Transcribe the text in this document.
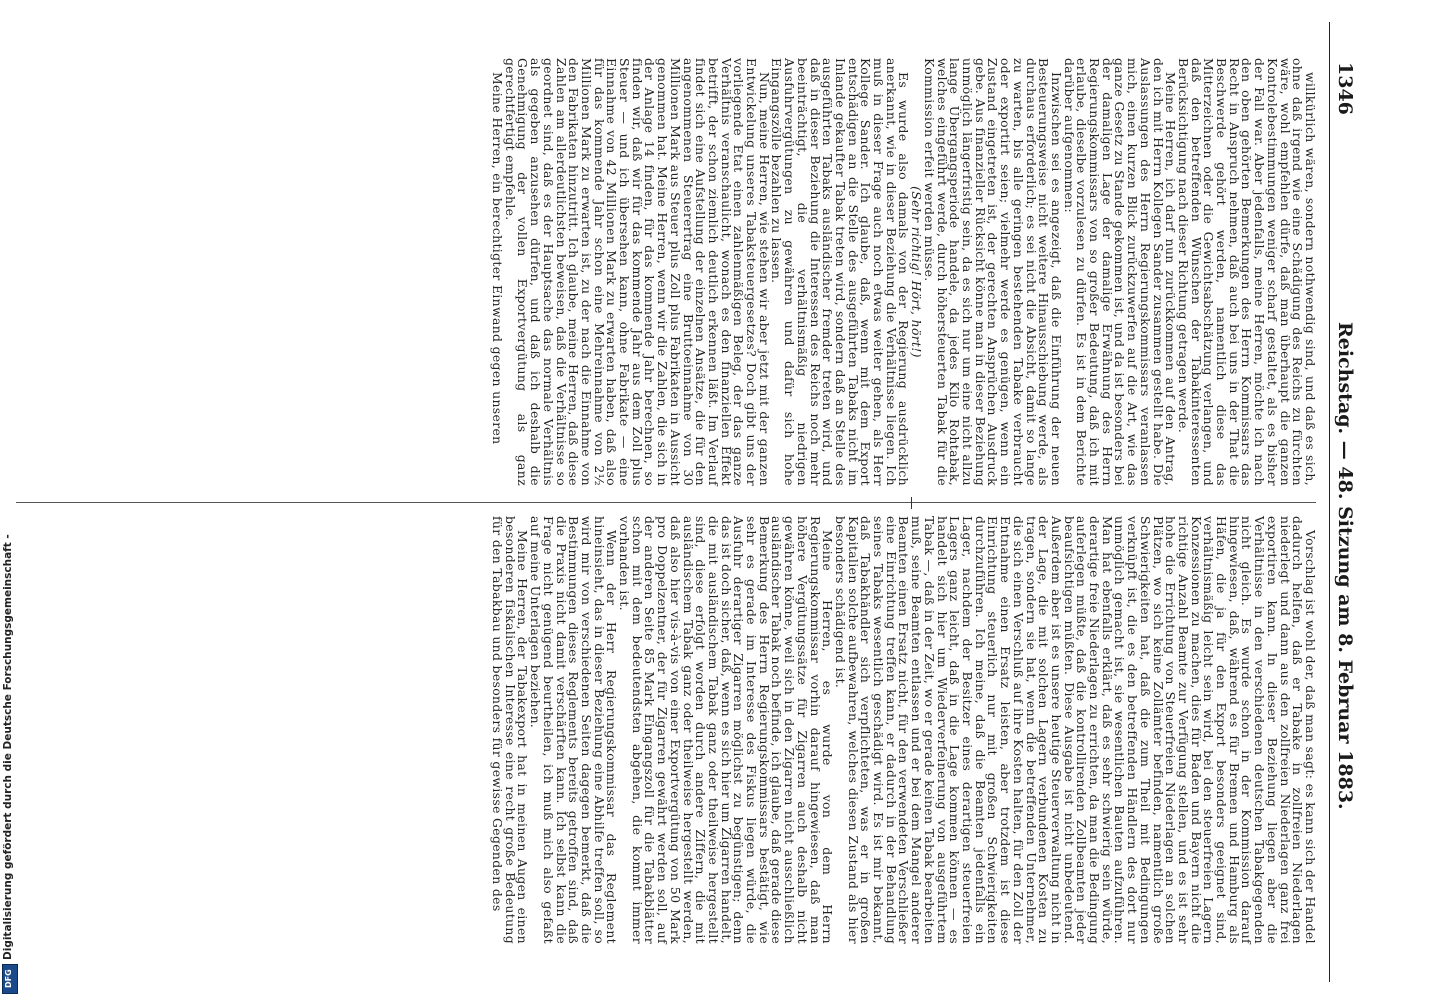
1346
Reichstag. — 48. Sitzung am 8. Februar 1883.

willkürlich wären, sondern nothwendig sind, und daß es sich, ohne daß irgend wie eine Schädigung des Reichs zu fürchten wäre, wohl empfehlen dürfe, daß man überhaupt die ganzen Kontrolebestimmungen weniger scharf gestaltet, als es bisher der Fall war. Aber jedenfalls, meine Herren, möchte ich nach den oben gehörten Bemerkungen des Herrn Kommissars das Recht in Anspruch nehmen, daß auch bei uns in der That die Beschwerde gehört werden, namentlich diese das Mitterzeichnen oder die Gewichtsabschätzung verlangen, und daß den betreffenden Wünschen der Tabakinteressenten Berücksichtigung nach dieser Richtung getragen werde.

Meine Herren, ich darf nun zurückkommen auf den Antrag, den ich mit Herrn Kollegen Sander zusammen gestellt habe. Die Auslassungen des Herrn Regierungskommissars veranlassen mich, einen kurzen Blick zurückzuwerfen auf die Art, wie das ganze Gesetz zu Stande gekommen ist, und da ist besonders bei der damaligen Lage der damalige Erwähnung des Herrn Regierungskommissars von so großer Bedeutung, daß ich mit erlaube, dieselbe vorzulesen zu dürfen. Es ist in dem Berichte darüber aufgenommen:

Inzwischen sei es angezeigt, daß die Einführung der neuen Besteuerungsweise nicht weitere Hinausschiebung werde, als durchaus erforderlich; es sei nicht die Absicht, damit so lange zu warten, bis alle geringen bestehenden Tabake verbraucht oder exportirt seien; vielmehr werde es genügen, wenn ein Zustand eingetreten ist, der gerechten Ansprüchen Ausdruck gebe. Aus finanzieller Rücksicht könne man in dieser Beziehung unmöglich längerfristig sein, da es sich nur um eine nicht allzu lange Übergangsperiode handele, da jedes Kilo Rohtabak, welches eingeführt werde, durch höhersteuerten Tabak für die Kommission erfeit werden müsse.

(Sehr richtig! Hört, hört!)

Es wurde also damals von der Regierung ausdrücklich anerkannt, wie in dieser Beziehung die Verhältnisse liegen. Ich muß in dieser Frage auch noch etwas weiter gehen, als Herr Kollege Sander. Ich glaube, daß, wenn mit dem Export entschädigen an die Stelle des ausgeführten Tabaks nicht im Inlande gekaufter Tabak treten wird, sondern daß an Stelle des ausgeführten Tabaks ausländischer fremder treten wird, und daß in dieser Beziehung die Interessen des Reichs noch mehr beeinträchtigt, die verhältnismäßig niedrigen Ausfuhrvergütungen zu gewähren und dafür sich hohe Eingangszölle bezahlen zu lassen.

Nun, meine Herren, wie stehen wir aber jetzt mit der ganzen Entwickelung unseres Tabaksteuergesetzes? Doch gibt uns der vorliegende Etat einen zahlenmäßigen Beleg, der das ganze Verhältnis veranschaulicht, wonach es den finanziellen Effekt betrifft, der schon ziemlich deutlich erkennen läßt. Im Verlauf findet sich eine Aufstellung der einzelnen Ansätze, die für den angenommenen Steuerertrag eine Bruttoeinnahme von 30 Millionen Mark aus Steuer plus Zoll plus Fabrikaten in Aussicht genommen hat. Meine Herren, wenn wir die Zahlen, die sich in der Anlage 14 finden, für das kommende Jahr berechnen, so finden wir, daß wir für das kommende Jahr aus dem Zoll plus Steuer — und ich übersehen kann, ohne Fabrikate — eine Einnahme von 42 Millionen Mark zu erwarten haben, daß also für das kommende Jahr schon eine Mehreinnahme von 2½ Millionen Mark zu erwarten ist, zu der nach die Einnahme von den Fabrikaten hinzutritt. Ich glaube, meine Herren, daß diese Zahlen am allerdeutlichsten beweisen, daß die Verhältnisse so geordnet sind, daß es der Hauptsache das normale Verhältnis als gegeben anzusehen dürfen, und daß ich deshalb die Genehmigung der vollen Exportvergütung als ganz gerechtfertigt empfehle.

Meine Herren, ein berechtigter Einwand gegen unseren

Vorschlag ist wohl der, daß man sagt: es kann sich der Handel dadurch helfen, daß er Tabake in zollfreien Niederlagen niederlegt und dann aus den zollfreien Niederlagen ganz frei exportiren kann. In dieser Beziehung liegen aber die Verhältnisse in den verschiedenen deutschen Tabakgegenden nicht gleich. Es wurde schon in der Kommission darauf hingewiesen, daß, während es für Bremen und Hamburg als Häfen, die ja für den Export besonders geeignet sind, verhältnismäßig leicht sein wird, bei den steuerfreien Lagern Konzessionen zu machen, dies für Baden und Bayern nicht die richtige Anzahl Beamte zur Verfügung stellen, und es ist sehr hohe die Errichtung von Steuerfreien Niederlagen an solchen Plätzen, wo sich keine Zollämter befinden, namentlich große Schwierigkeiten hat, daß die zum Theil mit Bedingungen verknüpft ist, die es den betreffenden Händlern des dort nur unmöglich gemacht ist, sie wesentlichen Bauten aufzuführen. Man hat ebenfalls erklärt, daß es sehr schwierig sein würde, derartige freie Niederlagen zu errichten, da man die Bedingung auferlegen müßte, daß die kontrollirenden Zollbeamten jeder beaufsichtigen müßten. Diese Ausgabe ist nicht unbedeutend. Außerdem aber ist es unsere heutige Steuerverwaltung nicht in der Lage, die mit solchen Lagern verbundenen Kosten zu tragen, sondern sie hat, wenn die betreffenden Unternehmer, die sich einen Verschluß auf ihre Kosten halten, für den Zoll der Entnahme einen Ersatz leisten, aber trotzdem ist diese Einrichtung steuerlich nur mit großen Schwierigkeiten durchzuführen. Ich meine, daß die Beamten jedenfalls ein Lager, nachdem der Besitzer eines derartigen steuerfreien Lagers ganz leicht, daß in die Lage kommen können — es handelt sich hier um Wiederverfeinerung von ausgeführtem Tabak —, daß in der Zeit, wo er gerade keinen Tabak bearbeiten muß, seine Beamten entlassen und er bei dem Mangel anderer Beamten einen Ersatz nicht, für den verwendeten Verschließer eine Einrichtung treffen kann, er dadurch in der Behandlung seines Tabaks wesentlich geschädigt wird. Es ist mir bekannt, daß Tabakhändler sich verpflichteten, was er in großen Kapitalien solche aufbewahren, welches diesen Zustand als hier besonders schädigend ist.

Meine Herren, es wurde von dem Herrn Regierungskommissar vorhin darauf hingewiesen, daß man höhere Vergütungssätze für Zigarren auch deshalb nicht gewähren könne, weil sich in den Zigarren nicht ausschließlich ausländischer Tabak noch befinde, ich glaube, daß gerade diese Bemerkung des Herrn Regierungskommissars bestätigt, wie sehr es gerade im Interesse des Fiskus liegen würde, die Ausfuhr derartiger Zigarren möglichst zu begünstigen; denn das ist doch sicher, daß, wenn es sich hier um Zigarren handelt, die mit ausländischem Tabak ganz oder theilweise hergestellt sind, diese erfolgt worden durch andere Ziffern, die mit ausländischem Tabak ganz oder theilweise hergestellt werden, daß also hier vis-à-vis von einer Exportvergütung von 50 Mark pro Doppelzentner, der für Zigarren gewährt werden soll, auf der anderen Seite 85 Mark Eingangszoll für die Tabakblätter schon mit dem bedeutendsten abgehen, die kommt immer vorhanden ist.

Wenn der Herr Regierungskommissar das Reglement hineinsieht, das in dieser Beziehung eine Abhilfe treffen soll, so wird mir von verschiedenen Seiten dagegen bemerkt, daß die Bestimmungen dieses Reglements bereits getroffen sind, daß die Praxis nicht damit verschärften kann. Ich selbst kann die Frage nicht genügend beurtheilen, ich muß mich also gefaßt auf meine Unterlagen beziehen.

Meine Herren, der Tabakexport hat in meinen Augen einen besonderen fiskalischen Interesse eine recht große Bedeutung für den Tabakbau und besonders für gewisse Gegenden des

Digitalisierung gefördert durch die Deutsche Forschungsgemeinschaft -
DFG
